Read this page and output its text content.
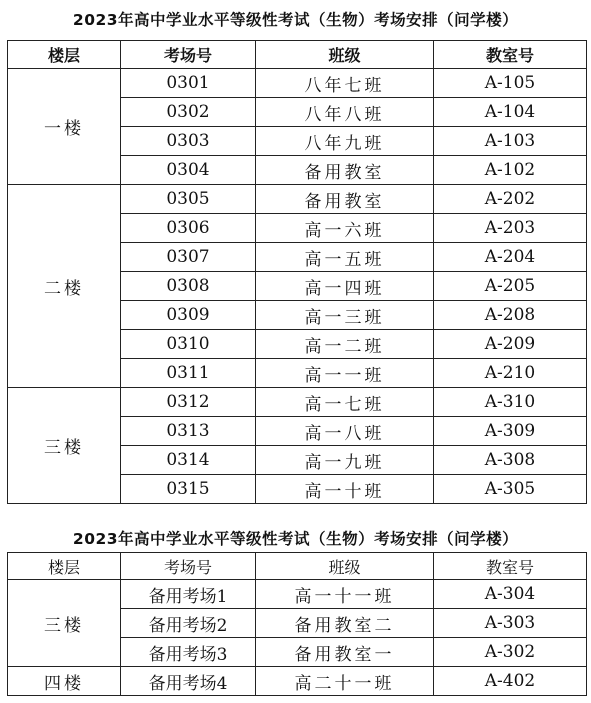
2023年高中学业水平等级性考试（生物）考场安排（问学楼）
楼层	考场号	班级	教室号
一楼	0301	八年七班	A-105
	0302	八年八班	A-104
	0303	八年九班	A-103
	0304	备用教室	A-102
二楼	0305	备用教室	A-202
	0306	高一六班	A-203
	0307	高一五班	A-204
	0308	高一四班	A-205
	0309	高一三班	A-208
	0310	高一二班	A-209
	0311	高一一班	A-210
三楼	0312	高一七班	A-310
	0313	高一八班	A-309
	0314	高一九班	A-308
	0315	高一十班	A-305
2023年高中学业水平等级性考试（生物）考场安排（问学楼）
楼层	考场号	班级	教室号
三楼	备用考场1	高一十一班	A-304
	备用考场2	备用教室二	A-303
	备用考场3	备用教室一	A-302
四楼	备用考场4	高二十一班	A-402
